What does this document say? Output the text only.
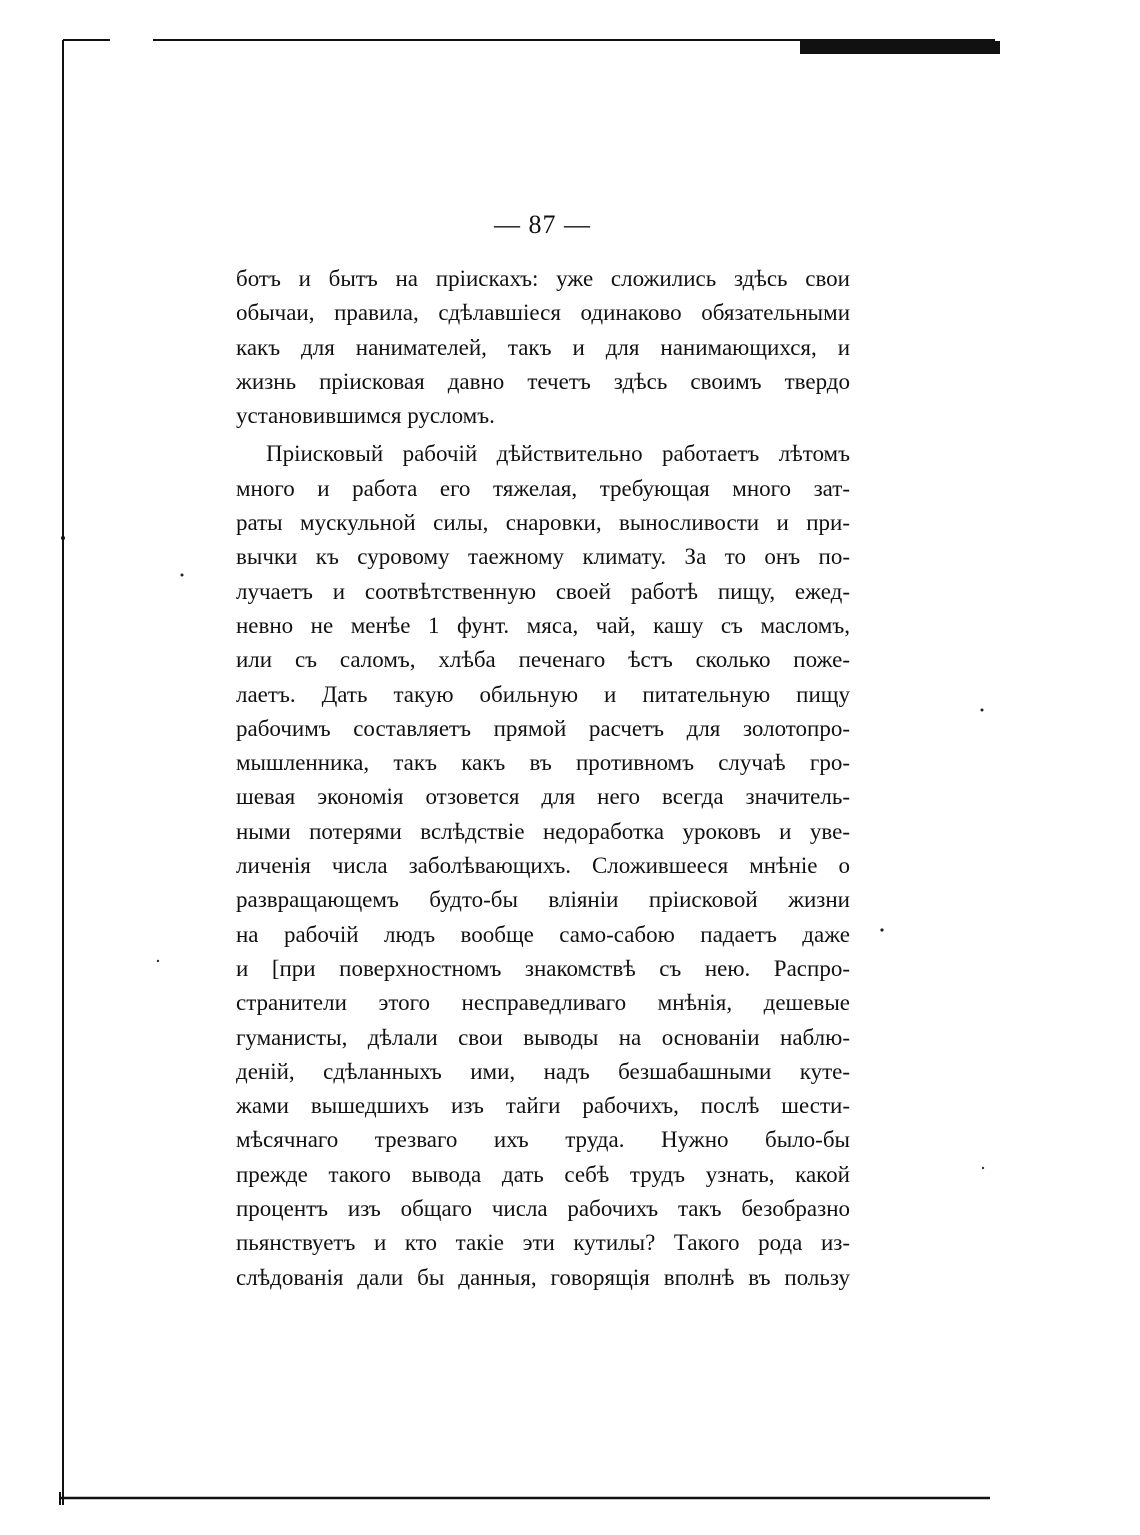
— 87 —
ботъ и бытъ на прiискахъ: уже сложились здѣсь свои
обычаи, правила, сдѣлавшiеся одинаково обязательными
какъ для нанимателей, такъ и для нанимающихся, и
жизнь прiисковая давно течетъ здѣсь своимъ твердо
установившимся русломъ.
Прiисковый рабочiй дѣйствительно работаетъ лѣтомъ
много и работа его тяжелая, требующая много зат-
раты мускульной силы, снаровки, выносливости и при-
вычки къ суровому таежному климату. За то онъ по-
лучаетъ и соотвѣтственную своей работѣ пищу, ежед-
невно не менѣе 1 фунт. мяса, чай, кашу съ масломъ,
или съ саломъ, хлѣба печенаго ѣстъ сколько поже-
лаетъ. Дать такую обильную и питательную пищу
рабочимъ составляетъ прямой расчетъ для золотопро-
мышленника, такъ какъ въ противномъ случаѣ гро-
шевая экономiя отзовется для него всегда значитель-
ными потерями вслѣдствiе недоработка уроковъ и уве-
личенiя числа заболѣвающихъ. Сложившееся мнѣнiе о
развращающемъ будто-бы влiянiи прiисковой жизни
на рабочiй людъ вообще само-сабою падаетъ даже
и [при поверхностномъ знакомствѣ съ нею. Распро-
странители этого несправедливаго мнѣнiя, дешевые
гуманисты, дѣлали свои выводы на основанiи наблю-
денiй, сдѣланныхъ ими, надъ безшабашными куте-
жами вышедшихъ изъ тайги рабочихъ, послѣ шести-
мѣсячнаго трезваго ихъ труда. Нужно было-бы
прежде такого вывода дать себѣ трудъ узнать, какой
процентъ изъ общаго числа рабочихъ такъ безобразно
пьянствуетъ и кто такiе эти кутилы? Такого рода из-
слѣдованiя дали бы данныя, говорящiя вполнѣ въ пользу
